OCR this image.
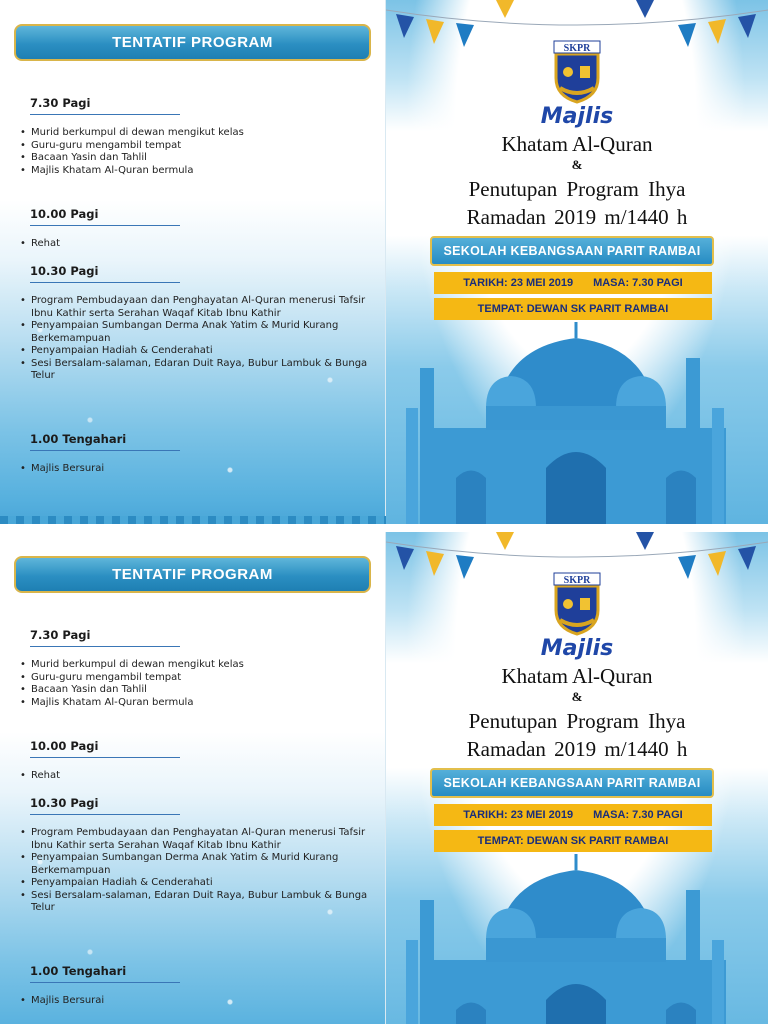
TENTATIF PROGRAM
7.30 Pagi
• Murid berkumpul di dewan mengikut kelas
• Guru-guru mengambil tempat
• Bacaan Yasin dan Tahlil
• Majlis Khatam Al-Quran bermula
10.00 Pagi
• Rehat
10.30 Pagi
• Program Pembudayaan dan Penghayatan Al-Quran menerusi Tafsir Ibnu Kathir serta Serahan Waqaf Kitab Ibnu Kathir
• Penyampaian Sumbangan Derma Anak Yatim & Murid Kurang Berkemampuan
• Penyampaian Hadiah & Cenderahati
• Sesi Bersalam-salaman, Edaran Duit Raya, Bubur Lambuk & Bunga Telur
1.00 Tengahari
• Majlis Bersurai
SKPR
Majlis
Khatam Al-Quran
&
Penutupan Program Ihya
Ramadan 2019 m/1440 h
SEKOLAH KEBANGSAAN PARIT RAMBAI
TARIKH: 23 MEI 2019 MASA: 7.30 PAGI
TEMPAT: DEWAN SK PARIT RAMBAI
TENTATIF PROGRAM
7.30 Pagi
• Murid berkumpul di dewan mengikut kelas
• Guru-guru mengambil tempat
• Bacaan Yasin dan Tahlil
• Majlis Khatam Al-Quran bermula
10.00 Pagi
• Rehat
10.30 Pagi
• Program Pembudayaan dan Penghayatan Al-Quran menerusi Tafsir Ibnu Kathir serta Serahan Waqaf Kitab Ibnu Kathir
• Penyampaian Sumbangan Derma Anak Yatim & Murid Kurang Berkemampuan
• Penyampaian Hadiah & Cenderahati
• Sesi Bersalam-salaman, Edaran Duit Raya, Bubur Lambuk & Bunga Telur
1.00 Tengahari
• Majlis Bersurai
SKPR
Majlis
Khatam Al-Quran
&
Penutupan Program Ihya
Ramadan 2019 m/1440 h
SEKOLAH KEBANGSAAN PARIT RAMBAI
TARIKH: 23 MEI 2019 MASA: 7.30 PAGI
TEMPAT: DEWAN SK PARIT RAMBAI
